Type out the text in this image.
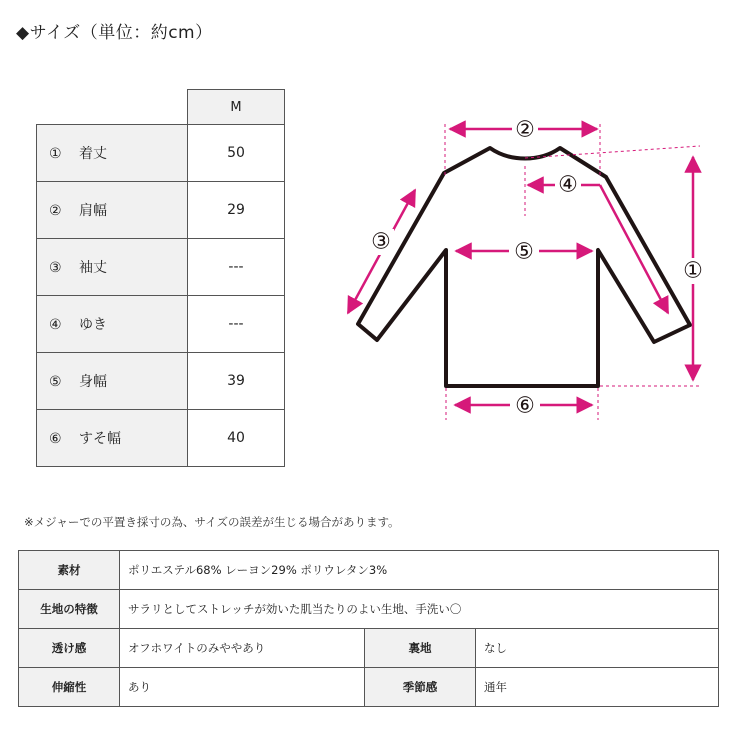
◆サイズ（単位：約cm）
	M
① 着丈	50
② 肩幅	29
③ 袖丈	---
④ ゆき	---
⑤ 身幅	39
⑥ すそ幅	40
②
①
③
④
⑤
⑥
※メジャーでの平置き採寸の為、サイズの誤差が生じる場合があります。
素材	ポリエステル68% レーヨン29% ポリウレタン3%		
生地の特徴	サラリとしてストレッチが効いた肌当たりのよい生地、手洗い〇		
透け感	オフホワイトのみややあり	裏地	なし
伸縮性	あり	季節感	通年
